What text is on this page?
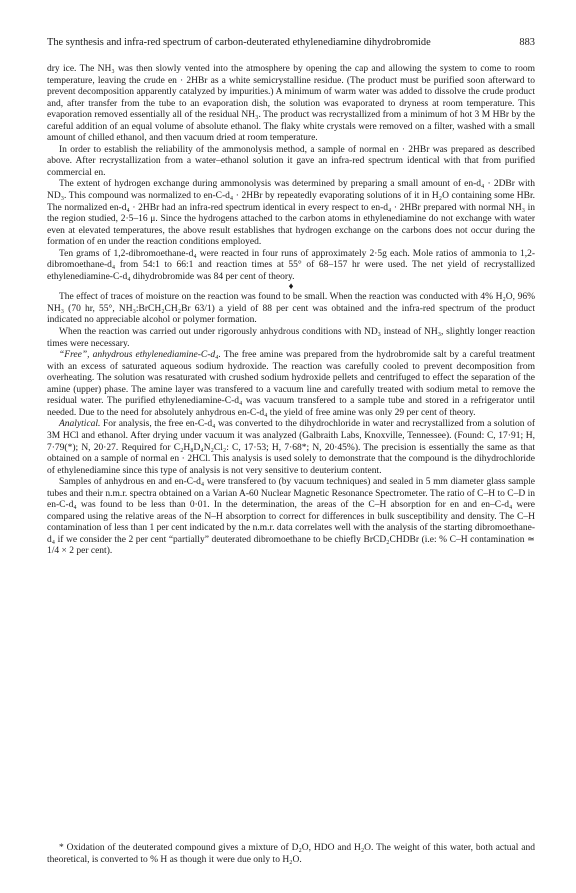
The synthesis and infra-red spectrum of carbon-deuterated ethylenediamine dihydrobromide	883

dry ice. The NH₃ was then slowly vented into the atmosphere by opening the cap and allowing the system to come to room temperature, leaving the crude en · 2HBr as a white semicrystalline residue. (The product must be purified soon afterward to prevent decomposition apparently catalyzed by impurities.) A minimum of warm water was added to dissolve the crude product and, after transfer from the tube to an evaporation dish, the solution was evaporated to dryness at room temperature. This evaporation removed essentially all of the residual NH₃. The product was recrystallized from a minimum of hot 3 M HBr by the careful addition of an equal volume of absolute ethanol. The flaky white crystals were removed on a filter, washed with a small amount of chilled ethanol, and then vacuum dried at room temperature.

In order to establish the reliability of the ammonolysis method, a sample of normal en · 2HBr was prepared as described above. After recrystallization from a water–ethanol solution it gave an infra-red spectrum identical with that from purified commercial en.

The extent of hydrogen exchange during ammonolysis was determined by preparing a small amount of en-d₄ · 2DBr with ND₃. This compound was normalized to en-C-d₄ · 2HBr by repeatedly evaporating solutions of it in H₂O containing some HBr. The normalized en-d₄ · 2HBr had an infra-red spectrum identical in every respect to en-d₄ · 2HBr prepared with normal NH₃ in the region studied, 2·5–16 μ. Since the hydrogens attached to the carbon atoms in ethylenediamine do not exchange with water even at elevated temperatures, the above result establishes that hydrogen exchange on the carbons does not occur during the formation of en under the reaction conditions employed.

Ten grams of 1,2-dibromoethane-d₄ were reacted in four runs of approximately 2·5g each. Mole ratios of ammonia to 1,2-dibromoethane-d₄ from 54:1 to 66:1 and reaction times at 55° of 68–157 hr were used. The net yield of recrystallized ethylenediamine-C-d₄ dihydrobromide was 84 per cent of theory.

♦

The effect of traces of moisture on the reaction was found to be small. When the reaction was conducted with 4% H₂O, 96% NH₃ (70 hr, 55°, NH₃:BrCH₂CH₂Br 63/1) a yield of 88 per cent was obtained and the infra-red spectrum of the product indicated no appreciable alcohol or polymer formation.

When the reaction was carried out under rigorously anhydrous conditions with ND₃ instead of NH₃, slightly longer reaction times were necessary.

“Free”, anhydrous ethylenediamine-C-d₄. The free amine was prepared from the hydrobromide salt by a careful treatment with an excess of saturated aqueous sodium hydroxide. The reaction was carefully cooled to prevent decomposition from overheating. The solution was resaturated with crushed sodium hydroxide pellets and centrifuged to effect the separation of the amine (upper) phase. The amine layer was transfered to a vacuum line and carefully treated with sodium metal to remove the residual water. The purified ethylenediamine-C-d₄ was vacuum transfered to a sample tube and stored in a refrigerator until needed. Due to the need for absolutely anhydrous en-C-d₄ the yield of free amine was only 29 per cent of theory.

Analytical. For analysis, the free en-C-d₄ was converted to the dihydrochloride in water and recrystallized from a solution of 3M HCl and ethanol. After drying under vacuum it was analyzed (Galbraith Labs, Knoxville, Tennessee). (Found: C, 17·91; H, 7·79(*); N, 20·27. Required for C₂H₈D₄N₂Cl₂: C, 17·53; H, 7·68*; N, 20·45%). The precision is essentially the same as that obtained on a sample of normal en · 2HCl. This analysis is used solely to demonstrate that the compound is the dihydrochloride of ethylenediamine since this type of analysis is not very sensitive to deuterium content.

Samples of anhydrous en and en-C-d₄ were transfered to (by vacuum techniques) and sealed in 5 mm diameter glass sample tubes and their n.m.r. spectra obtained on a Varian A-60 Nuclear Magnetic Resonance Spectrometer. The ratio of C–H to C–D in en-C-d₄ was found to be less than 0·01. In the determination, the areas of the C–H absorption for en and en–C-d₄ were compared using the relative areas of the N–H absorption to correct for differences in bulk susceptibility and density. The C–H contamination of less than 1 per cent indicated by the n.m.r. data correlates well with the analysis of the starting dibromoethane-d₄ if we consider the 2 per cent “partially” deuterated dibromoethane to be chiefly BrCD₂CHDBr (i.e: % C–H contamination ≃ 1/4 × 2 per cent).

* Oxidation of the deuterated compound gives a mixture of D₂O, HDO and H₂O. The weight of this water, both actual and theoretical, is converted to % H as though it were due only to H₂O.
